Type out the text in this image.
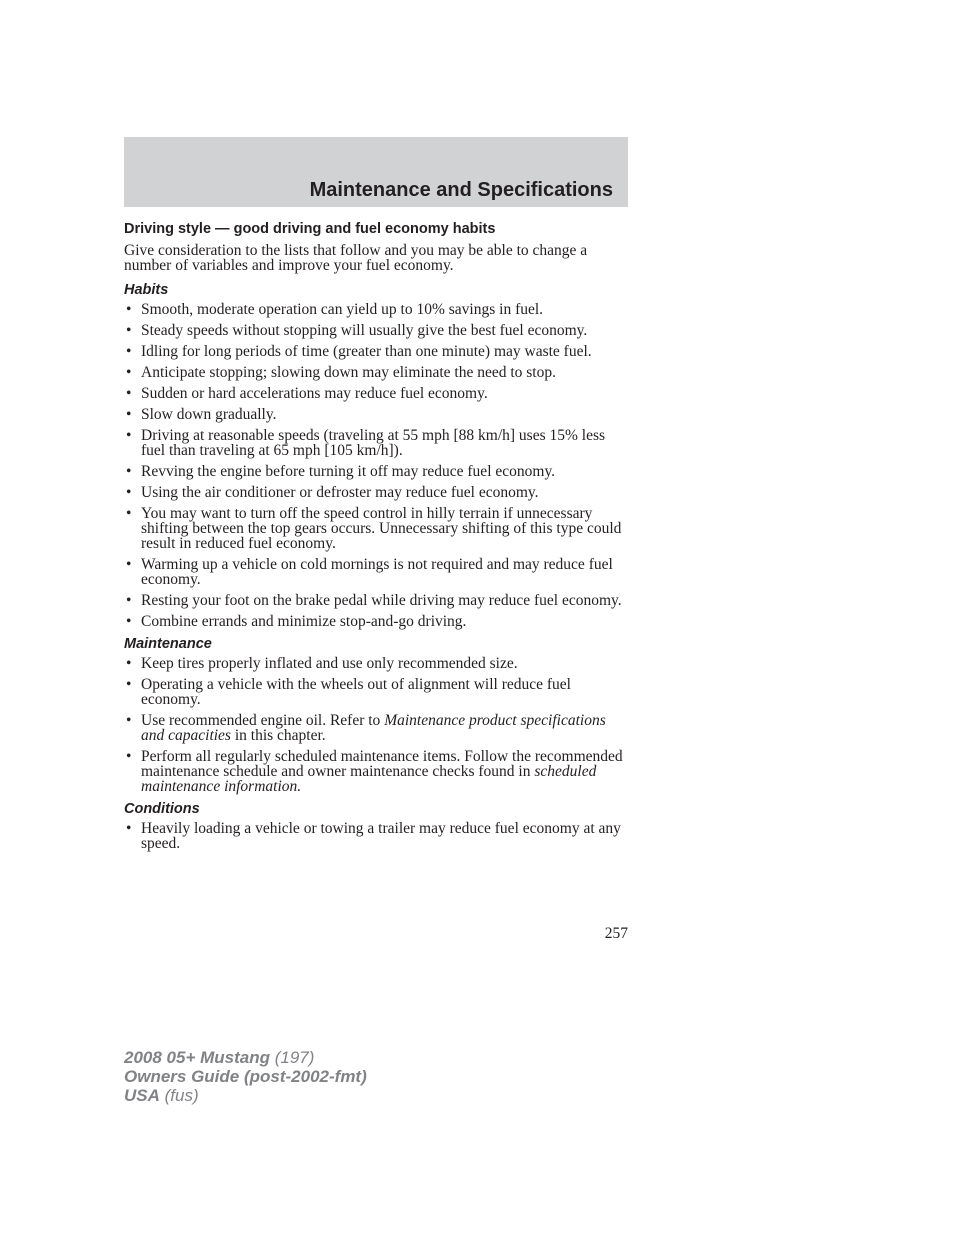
Maintenance and Specifications
Driving style — good driving and fuel economy habits

Give consideration to the lists that follow and you may be able to change a number of variables and improve your fuel economy.

Habits
• Smooth, moderate operation can yield up to 10% savings in fuel.
• Steady speeds without stopping will usually give the best fuel economy.
• Idling for long periods of time (greater than one minute) may waste fuel.
• Anticipate stopping; slowing down may eliminate the need to stop.
• Sudden or hard accelerations may reduce fuel economy.
• Slow down gradually.
• Driving at reasonable speeds (traveling at 55 mph [88 km/h] uses 15% less fuel than traveling at 65 mph [105 km/h]).
• Revving the engine before turning it off may reduce fuel economy.
• Using the air conditioner or defroster may reduce fuel economy.
• You may want to turn off the speed control in hilly terrain if unnecessary shifting between the top gears occurs. Unnecessary shifting of this type could result in reduced fuel economy.
• Warming up a vehicle on cold mornings is not required and may reduce fuel economy.
• Resting your foot on the brake pedal while driving may reduce fuel economy.
• Combine errands and minimize stop-and-go driving.
Maintenance
• Keep tires properly inflated and use only recommended size.
• Operating a vehicle with the wheels out of alignment will reduce fuel economy.
• Use recommended engine oil. Refer to Maintenance product specifications and capacities in this chapter.
• Perform all regularly scheduled maintenance items. Follow the recommended maintenance schedule and owner maintenance checks found in scheduled maintenance information.
Conditions
• Heavily loading a vehicle or towing a trailer may reduce fuel economy at any speed.
257
2008 05+ Mustang (197)
Owners Guide (post-2002-fmt)
USA (fus)
